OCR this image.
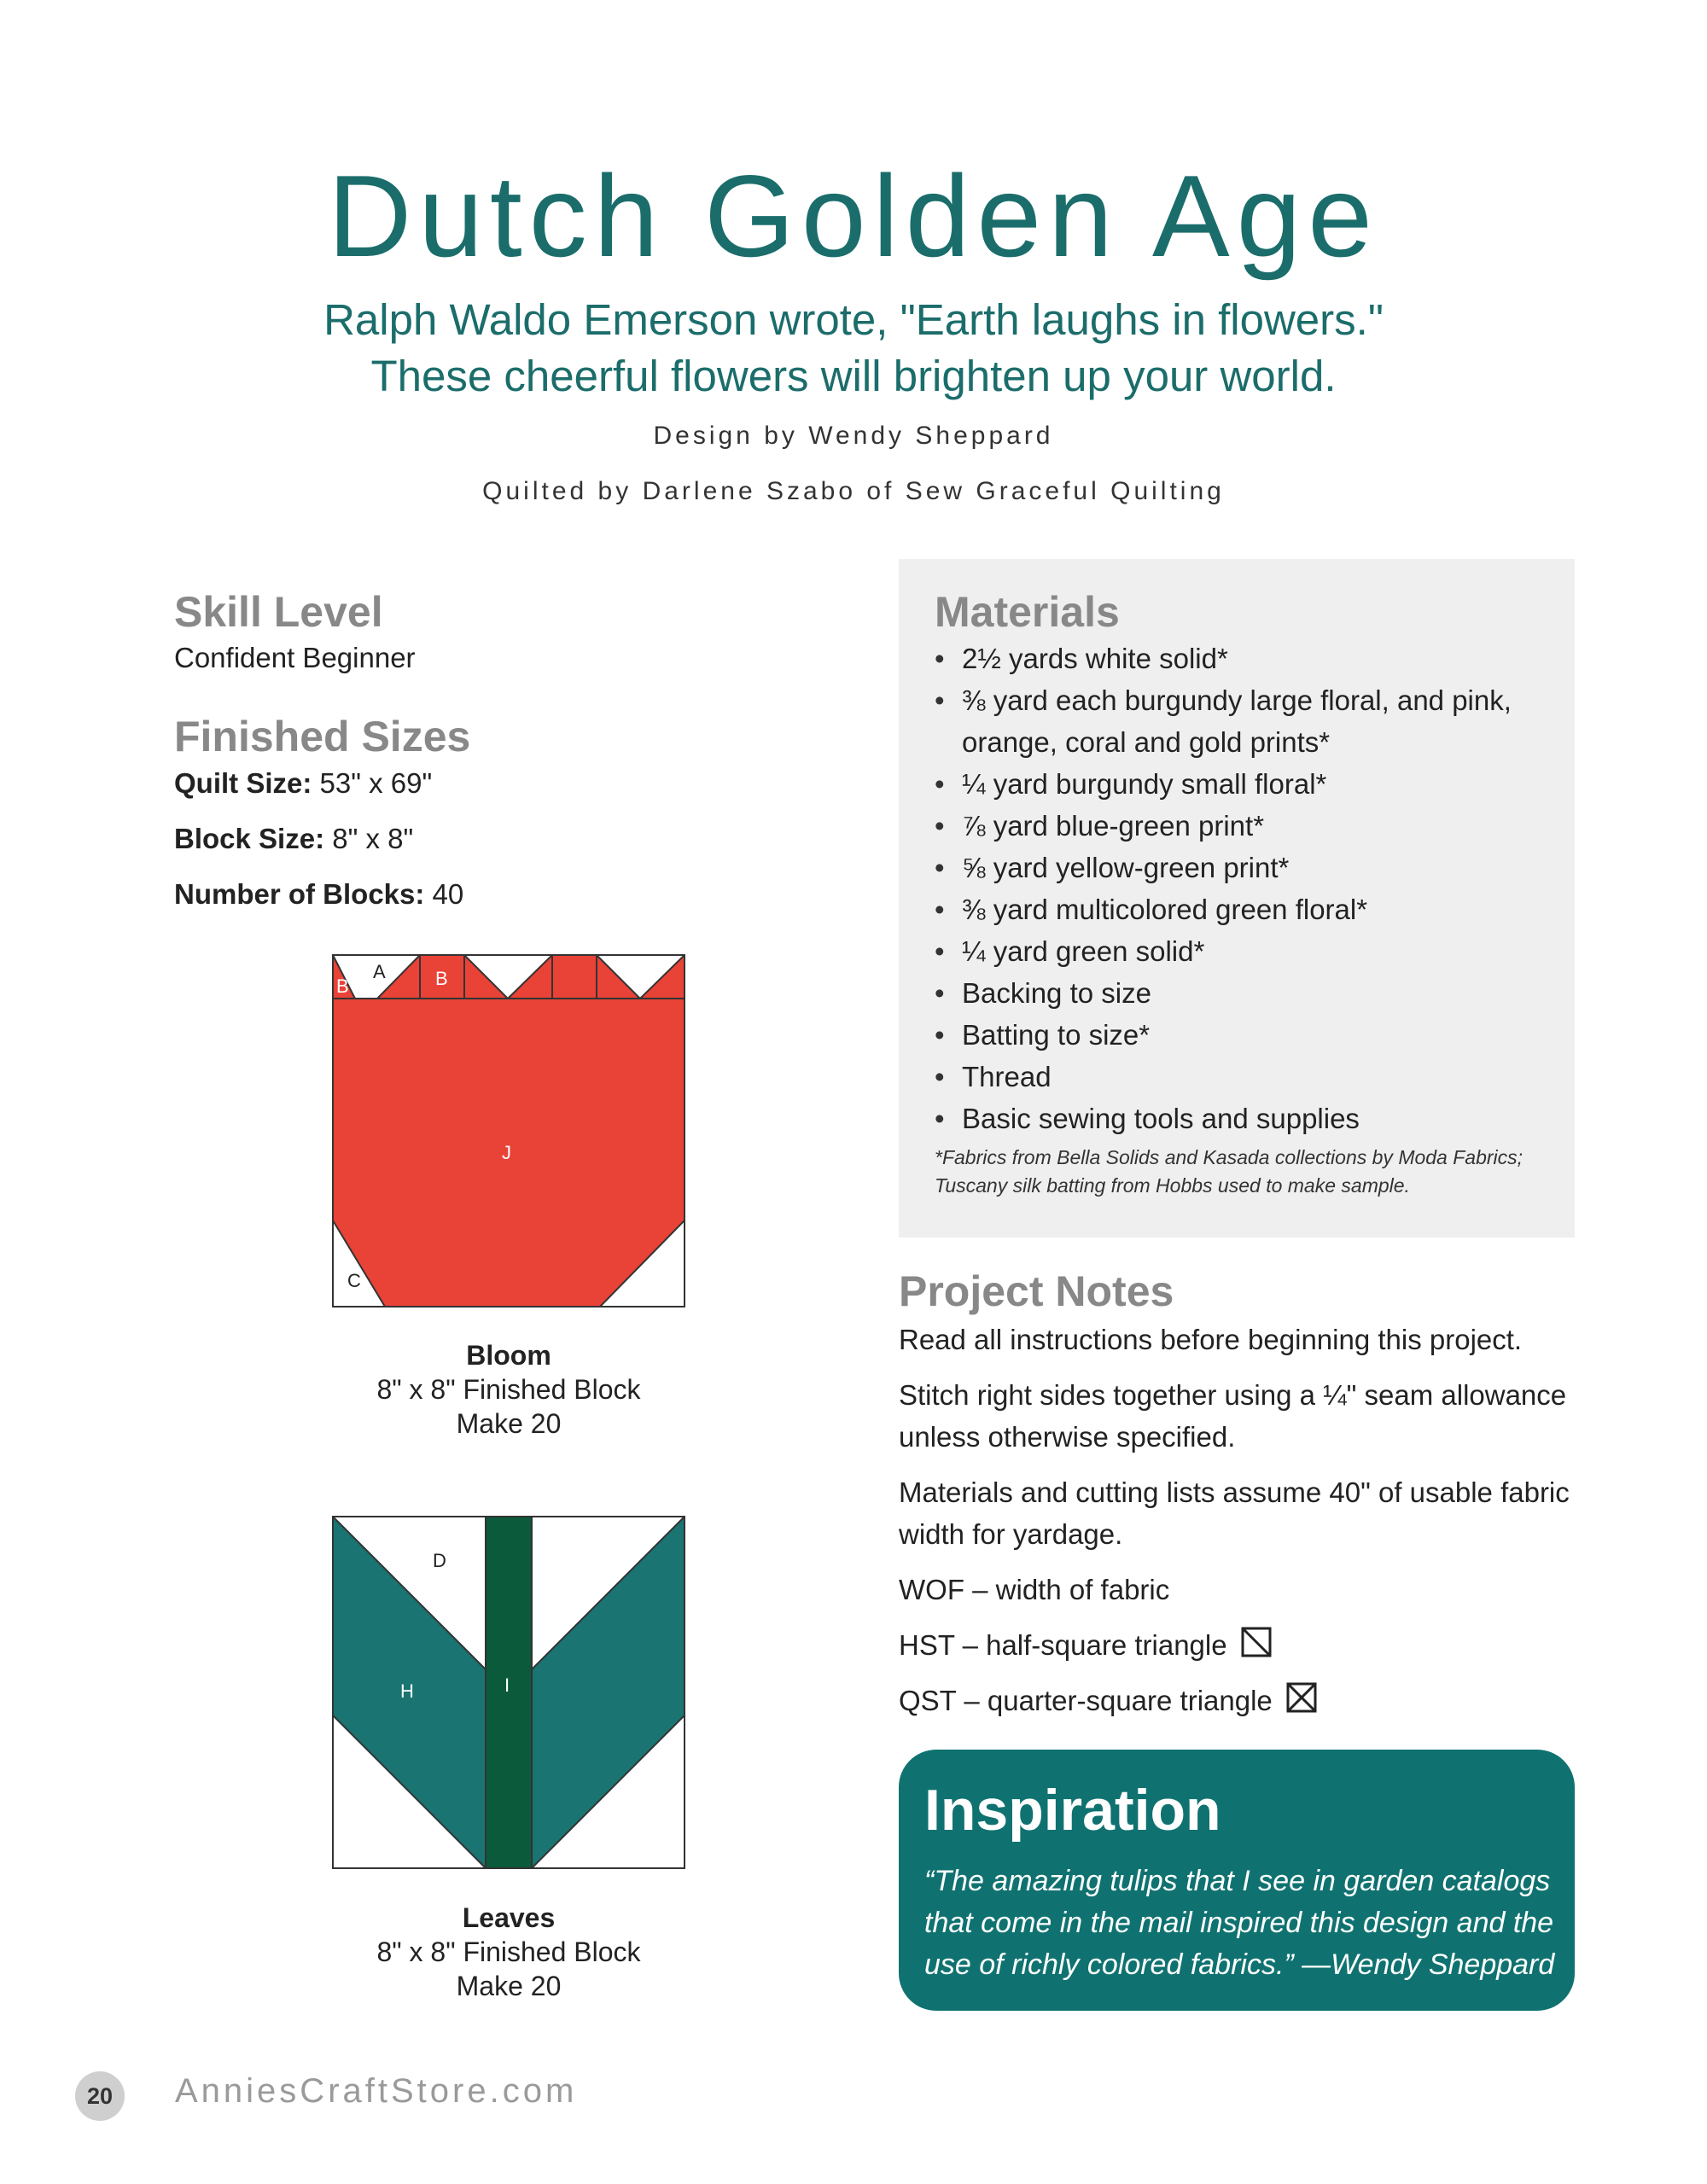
Dutch Golden Age
Ralph Waldo Emerson wrote, "Earth laughs in flowers."
These cheerful flowers will brighten up your world.
Design by Wendy Sheppard
Quilted by Darlene Szabo of Sew Graceful Quilting
Skill Level
Confident Beginner
Finished Sizes
Quilt Size: 53" x 69"
Block Size: 8" x 8"
Number of Blocks: 40
A
B	B
J
C
Bloom
8" x 8" Finished Block
Make 20
D
H	I
Leaves
8" x 8" Finished Block
Make 20
Materials
• 2½ yards white solid*
• ⅜ yard each burgundy large floral, and pink, orange, coral and gold prints*
• ¼ yard burgundy small floral*
• ⅞ yard blue-green print*
• ⅝ yard yellow-green print*
• ⅜ yard multicolored green floral*
• ¼ yard green solid*
• Backing to size
• Batting to size*
• Thread
• Basic sewing tools and supplies
*Fabrics from Bella Solids and Kasada collections by Moda Fabrics; Tuscany silk batting from Hobbs used to make sample.
Project Notes
Read all instructions before beginning this project.
Stitch right sides together using a ¼" seam allowance unless otherwise specified.
Materials and cutting lists assume 40" of usable fabric width for yardage.
WOF – width of fabric
HST – half-square triangle
QST – quarter-square triangle
Inspiration
“The amazing tulips that I see in garden catalogs that come in the mail inspired this design and the use of richly colored fabrics.” —Wendy Sheppard
20	AnniesCraftStore.com
